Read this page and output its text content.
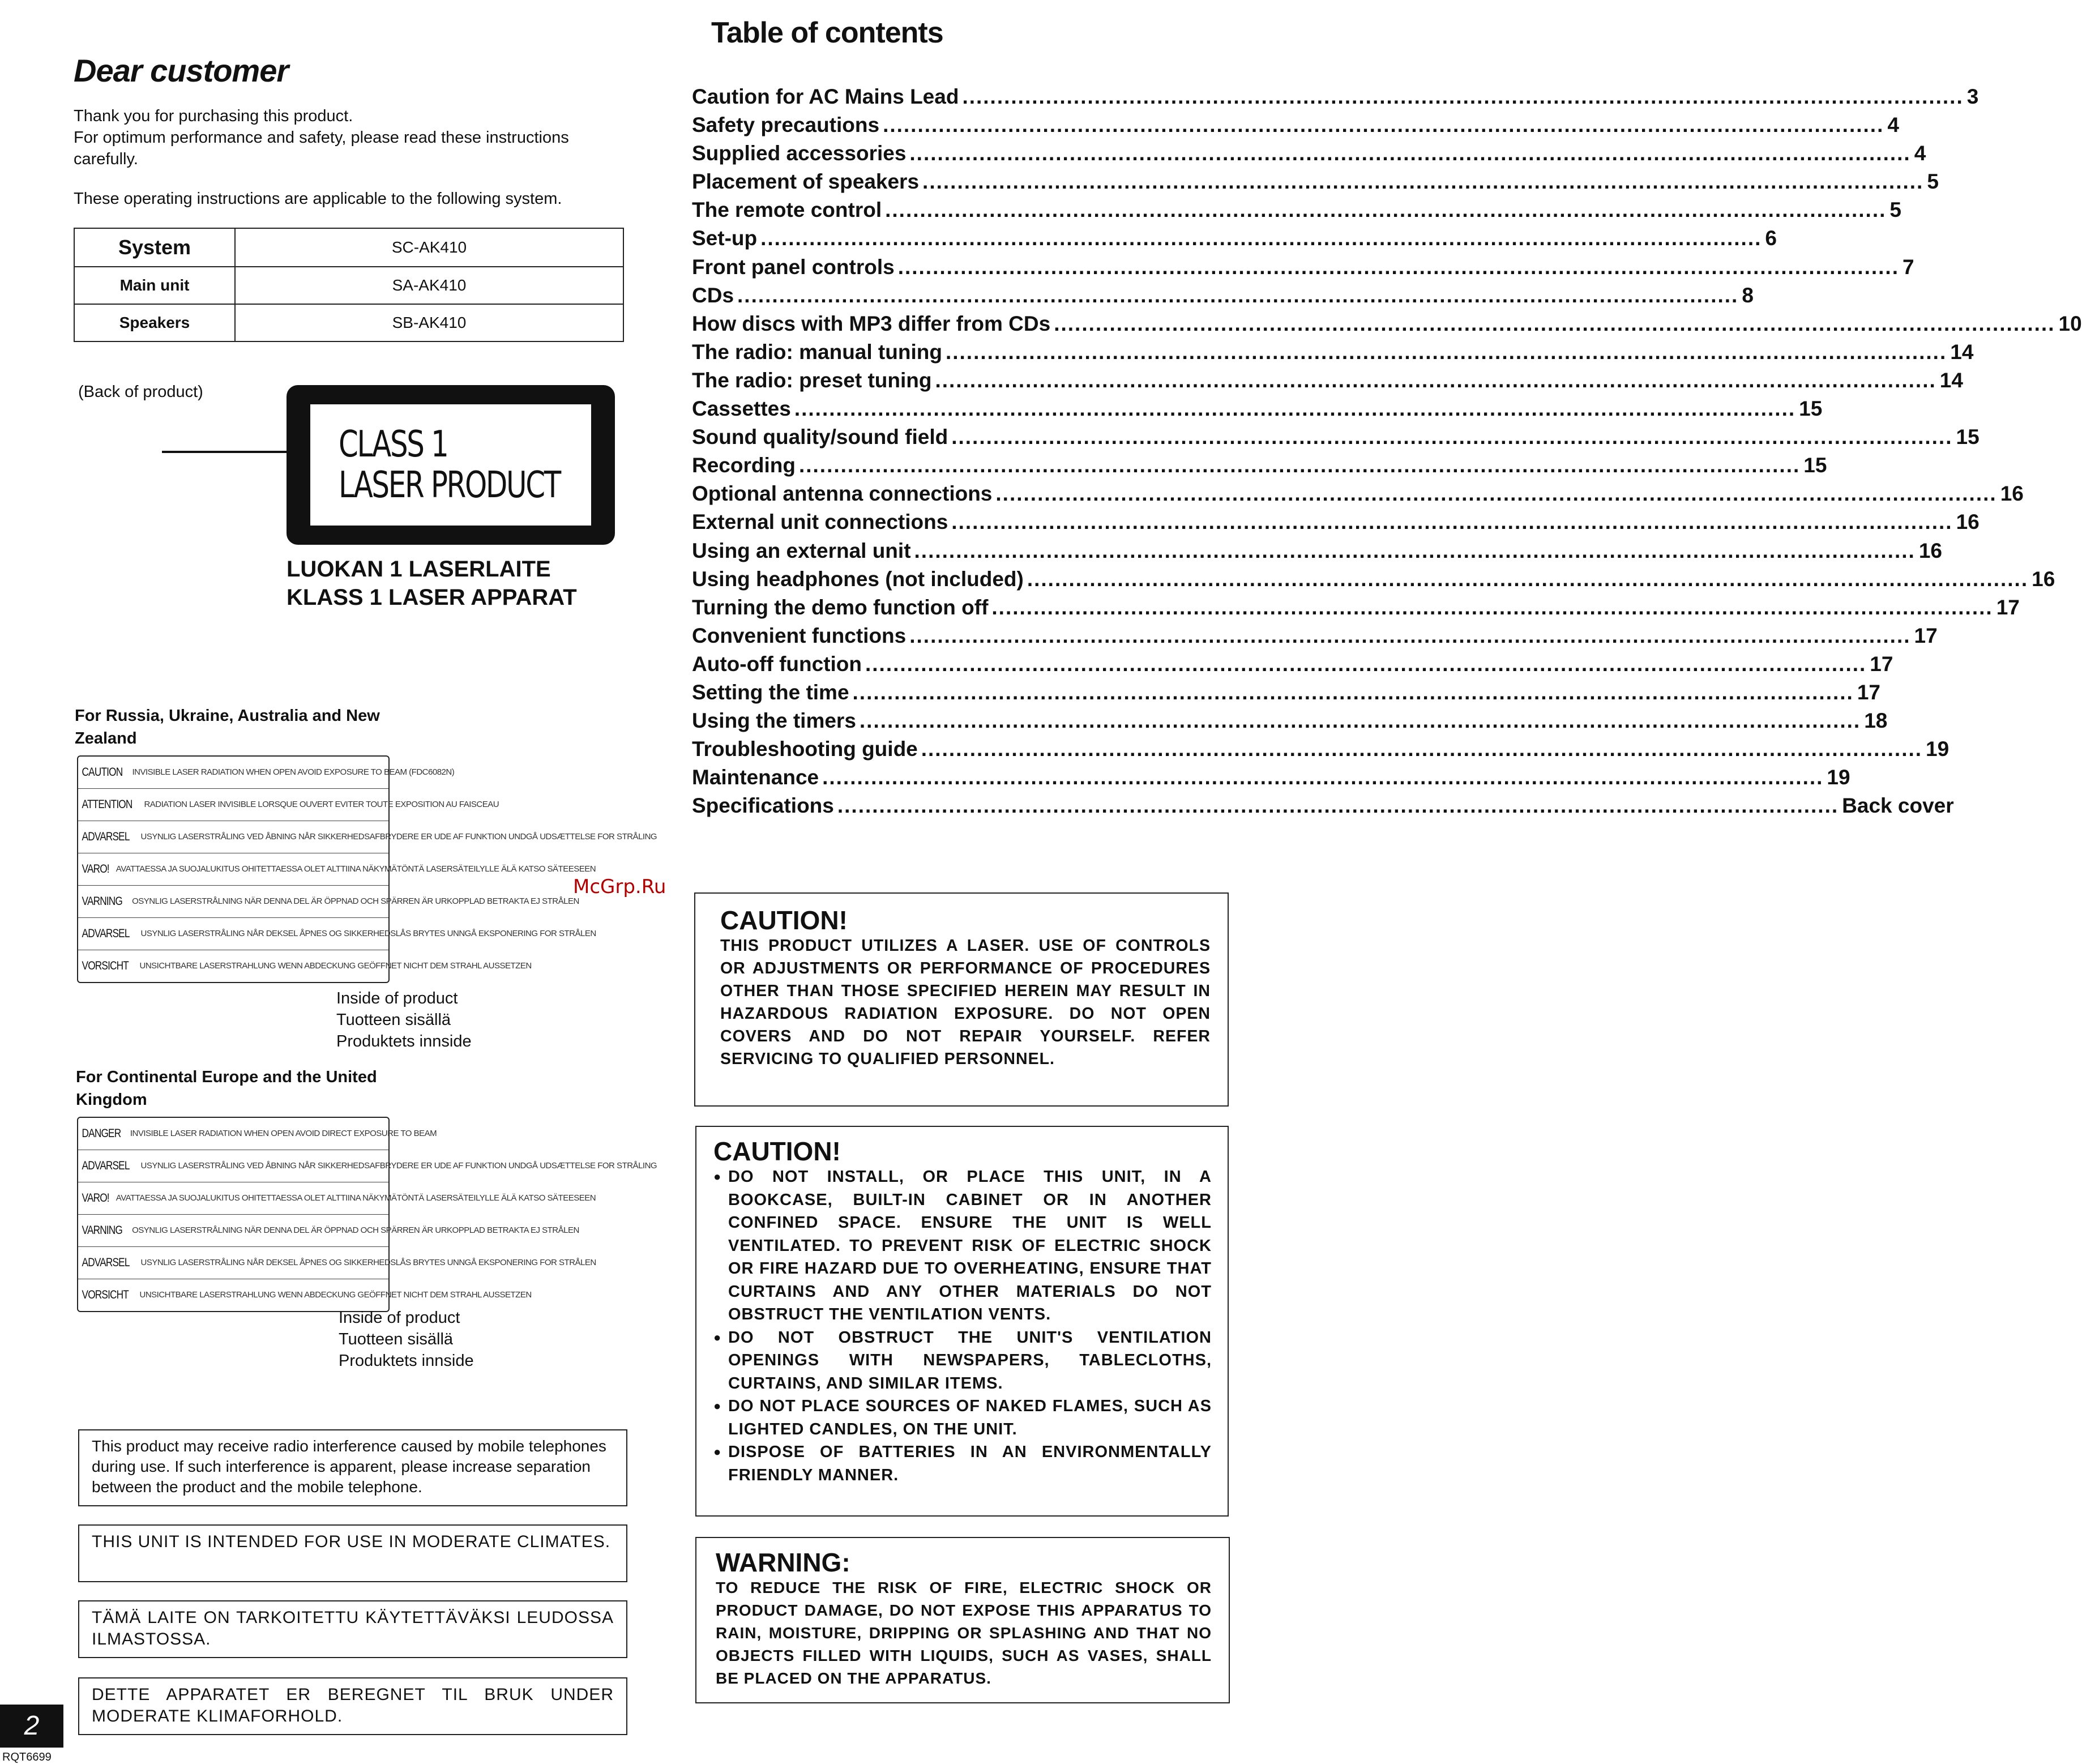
Dear customer

Thank you for purchasing this product.

For optimum performance and safety, please read these instructions carefully.

These operating instructions are applicable to the following system.

System	SC-AK410
Main unit	SA-AK410
Speakers	SB-AK410
(Back of product)
CLASS 1
LASER PRODUCT
LUOKAN 1 LASERLAITE
KLASS 1 LASER APPARAT
For Russia, Ukraine, Australia and New Zealand
CAUTION INVISIBLE LASER RADIATION WHEN OPEN AVOID EXPOSURE TO BEAM (FDC6082N)
ATTENTION RADIATION LASER INVISIBLE LORSQUE OUVERT EVITER TOUTE EXPOSITION AU FAISCEAU
ADVARSEL USYNLIG LASERSTRÅLING VED ÅBNING NÅR SIKKERHEDSAFBRYDERE ER UDE AF FUNKTION UNDGÅ UDSÆTTELSE FOR STRÅLING
VARO! AVATTAESSA JA SUOJALUKITUS OHITETTAESSA OLET ALTTIINA NÄKYMÄTÖNTÄ LASERSÄTEILYLLE ÄLÄ KATSO SÄTEESEEN
VARNING OSYNLIG LASERSTRÅLNING NÄR DENNA DEL ÄR ÖPPNAD OCH SPÄRREN ÄR URKOPPLAD BETRAKTA EJ STRÅLEN
ADVARSEL USYNLIG LASERSTRÅLING NÅR DEKSEL ÅPNES OG SIKKERHEDSLÅS BRYTES UNNGÅ EKSPONERING FOR STRÅLEN
VORSICHT UNSICHTBARE LASERSTRAHLUNG WENN ABDECKUNG GEÖFFNET NICHT DEM STRAHL AUSSETZEN
Inside of product
Tuotteen sisällä
Produktets innside
For Continental Europe and the United Kingdom
DANGER INVISIBLE LASER RADIATION WHEN OPEN AVOID DIRECT EXPOSURE TO BEAM
ADVARSEL USYNLIG LASERSTRÅLING VED ÅBNING NÅR SIKKERHEDSAFBRYDERE ER UDE AF FUNKTION UNDGÅ UDSÆTTELSE FOR STRÅLING
VARO! AVATTAESSA JA SUOJALUKITUS OHITETTAESSA OLET ALTTIINA NÄKYMÄTÖNTÄ LASERSÄTEILYLLE ÄLÄ KATSO SÄTEESEEN
VARNING OSYNLIG LASERSTRÅLNING NÄR DENNA DEL ÄR ÖPPNAD OCH SPÄRREN ÄR URKOPPLAD BETRAKTA EJ STRÅLEN
ADVARSEL USYNLIG LASERSTRÅLING NÅR DEKSEL ÅPNES OG SIKKERHEDSLÅS BRYTES UNNGÅ EKSPONERING FOR STRÅLEN
VORSICHT UNSICHTBARE LASERSTRAHLUNG WENN ABDECKUNG GEÖFFNET NICHT DEM STRAHL AUSSETZEN
Inside of product
Tuotteen sisällä
Produktets innside
This product may receive radio interference caused by mobile telephones during use. If such interference is apparent, please increase separation between the product and the mobile telephone.
THIS UNIT IS INTENDED FOR USE IN MODERATE CLIMATES.
TÄMÄ LAITE ON TARKOITETTU KÄYTETTÄVÄKSI LEUDOSSA ILMASTOSSA.
DETTE APPARATET ER BEREGNET TIL BRUK UNDER MODERATE KLIMAFORHOLD.
2
RQT6699
Table of contents
Caution for AC Mains Lead .....	3
Safety precautions .....	4
Supplied accessories .....	4
Placement of speakers .....	5
The remote control .....	5
Set-up .....	6
Front panel controls .....	7
CDs .....	8
How discs with MP3 differ from CDs .....	10
The radio: manual tuning .....	14
The radio: preset tuning .....	14
Cassettes .....	15
Sound quality/sound field .....	15
Recording .....	15
Optional antenna connections .....	16
External unit connections .....	16
Using an external unit .....	16
Using headphones (not included) .....	16
Turning the demo function off .....	17
Convenient functions .....	17
Auto-off function .....	17
Setting the time .....	17
Using the timers .....	18
Troubleshooting guide .....	19
Maintenance .....	19
Specifications .....	Back cover
McGrp.Ru
CAUTION!
THIS PRODUCT UTILIZES A LASER. USE OF CONTROLS OR ADJUSTMENTS OR PERFORMANCE OF PROCEDURES OTHER THAN THOSE SPECIFIED HEREIN MAY RESULT IN HAZARDOUS RADIATION EXPOSURE. DO NOT OPEN COVERS AND DO NOT REPAIR YOURSELF. REFER SERVICING TO QUALIFIED PERSONNEL.
CAUTION!
● DO NOT INSTALL, OR PLACE THIS UNIT, IN A BOOKCASE, BUILT-IN CABINET OR IN ANOTHER CONFINED SPACE. ENSURE THE UNIT IS WELL VENTILATED. TO PREVENT RISK OF ELECTRIC SHOCK OR FIRE HAZARD DUE TO OVERHEATING, ENSURE THAT CURTAINS AND ANY OTHER MATERIALS DO NOT OBSTRUCT THE VENTILATION VENTS.
● DO NOT OBSTRUCT THE UNIT'S VENTILATION OPENINGS WITH NEWSPAPERS, TABLECLOTHS, CURTAINS, AND SIMILAR ITEMS.
● DO NOT PLACE SOURCES OF NAKED FLAMES, SUCH AS LIGHTED CANDLES, ON THE UNIT.
● DISPOSE OF BATTERIES IN AN ENVIRONMENTALLY FRIENDLY MANNER.
WARNING:
TO REDUCE THE RISK OF FIRE, ELECTRIC SHOCK OR PRODUCT DAMAGE, DO NOT EXPOSE THIS APPARATUS TO RAIN, MOISTURE, DRIPPING OR SPLASHING AND THAT NO OBJECTS FILLED WITH LIQUIDS, SUCH AS VASES, SHALL BE PLACED ON THE APPARATUS.
